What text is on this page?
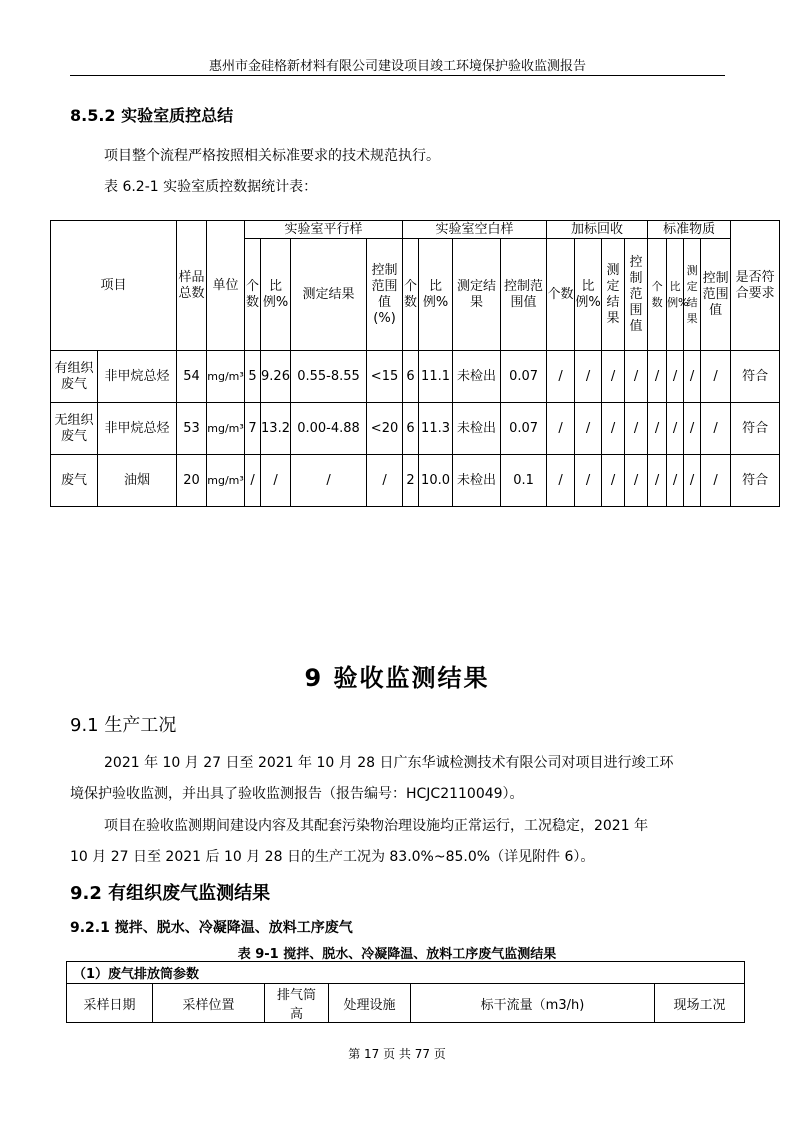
惠州市金硅格新材料有限公司建设项目竣工环境保护验收监测报告
8.5.2 实验室质控总结
项目整个流程严格按照相关标准要求的技术规范执行。
表 6.2-1 实验室质控数据统计表：
项目		样品总数	单位	实验室平行样				实验室空白样				加标回收				标准物质				是否符合要求
				个数	比例%	测定结果	控制范围值(%)	个数	比例%	测定结果	控制范围值	个数	比例%	测定结果	控制范围值	个数	比例%	测定结果	控制范围值	
有组织废气	非甲烷总烃	54	mg/m³	5	9.26	0.55-8.55	<15	6	11.1	未检出	0.07	/	/	/	/	/	/	/	/	符合
无组织废气	非甲烷总烃	53	mg/m³	7	13.2	0.00-4.88	<20	6	11.3	未检出	0.07	/	/	/	/	/	/	/	/	符合
废气	油烟	20	mg/m³	/	/	/	/	2	10.0	未检出	0.1	/	/	/	/	/	/	/	/	符合
9 验收监测结果
9.1 生产工况
2021 年 10 月 27 日至 2021 年 10 月 28 日广东华诚检测技术有限公司对项目进行竣工环
境保护验收监测，并出具了验收监测报告（报告编号：HCJC2110049）。
项目在验收监测期间建设内容及其配套污染物治理设施均正常运行，工况稳定，2021 年
10 月 27 日至 2021 后 10 月 28 日的生产工况为 83.0%~85.0%（详见附件 6）。
9.2 有组织废气监测结果
9.2.1 搅拌、脱水、冷凝降温、放料工序废气
表 9-1 搅拌、脱水、冷凝降温、放料工序废气监测结果
（1）废气排放筒参数
采样日期	采样位置	排气筒高	处理设施	标干流量（m3/h)	现场工况
第 17 页 共 77 页
